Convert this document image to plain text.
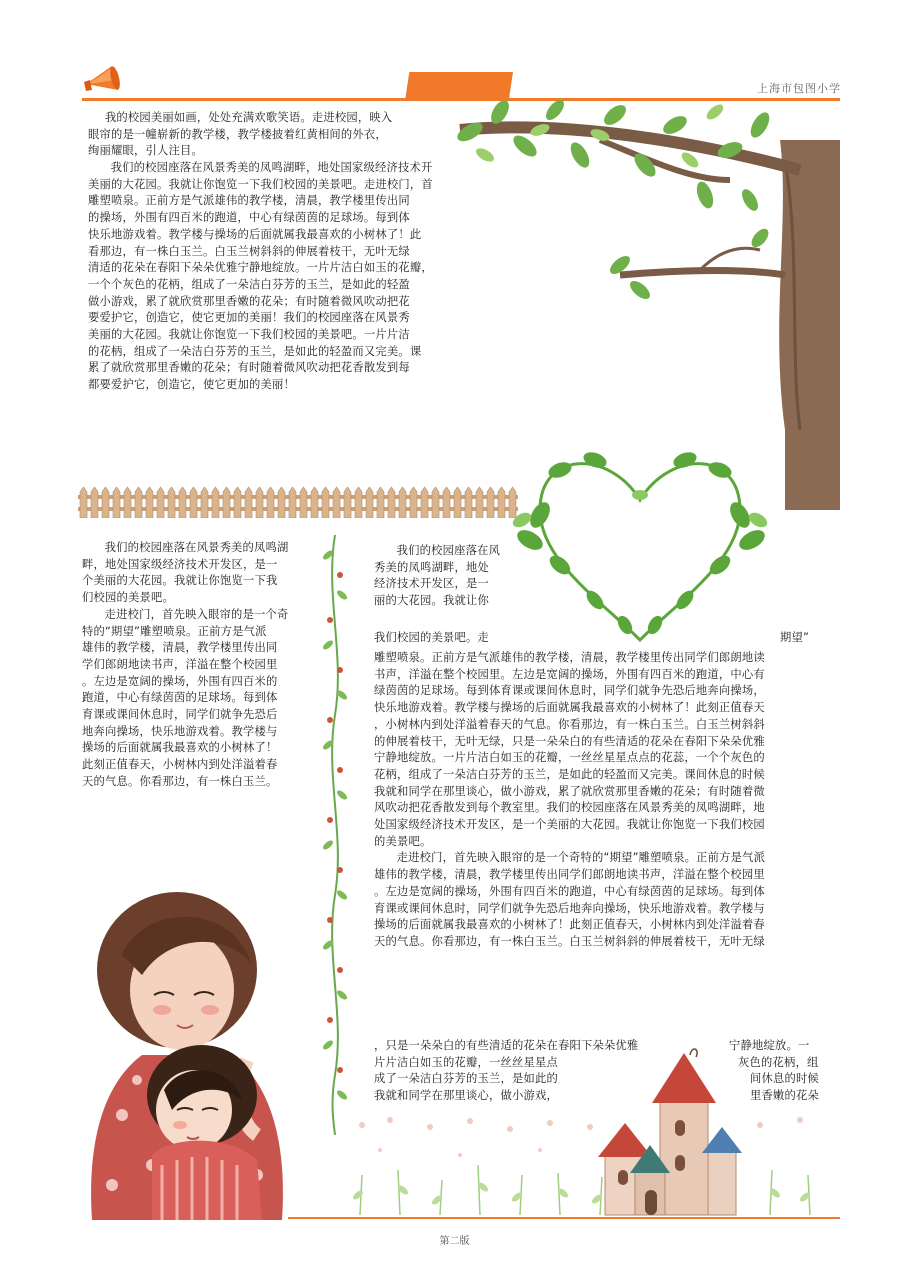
上海市包图小学
我的校园美丽如画，处处充满欢歌笑语。走进校园，映入
眼帘的是一幢崭新的教学楼，教学楼披着红黄相间的外衣，
绚丽耀眼，引人注目。
我们的校园座落在风景秀美的凤鸣湖畔，地处国家级经济技术开
美丽的大花园。我就让你饱览一下我们校园的美景吧。走进校门，首
雕塑喷泉。正前方是气派雄伟的教学楼，清晨，教学楼里传出同
的操场，外围有四百米的跑道，中心有绿茵茵的足球场。每到体
快乐地游戏着。教学楼与操场的后面就属我最喜欢的小树林了！此
看那边，有一株白玉兰。白玉兰树斜斜的伸展着枝干，无叶无绿
清适的花朵在春阳下朵朵优雅宁静地绽放。一片片洁白如玉的花瓣，
一个个灰色的花柄，组成了一朵洁白芬芳的玉兰，是如此的轻盈
做小游戏，累了就欣赏那里香嫩的花朵；有时随着微风吹动把花
要爱护它，创造它，使它更加的美丽！我们的校园座落在风景秀
美丽的大花园。我就让你饱览一下我们校园的美景吧。一片片洁
的花柄，组成了一朵洁白芬芳的玉兰，是如此的轻盈而又完美。课
累了就欣赏那里香嫩的花朵；有时随着微风吹动把花香散发到每
都要爱护它，创造它，使它更加的美丽！
我们的校园座落在风景秀美的凤鸣湖
畔，地处国家级经济技术开发区，是一
个美丽的大花园。我就让你饱览一下我
们校园的美景吧。
走进校门，首先映入眼帘的是一个奇
特的“期望”雕塑喷泉。正前方是气派
雄伟的教学楼，清晨，教学楼里传出同
学们郎朗地读书声，洋溢在整个校园里
。左边是宽阔的操场，外围有四百米的
跑道，中心有绿茵茵的足球场。每到体
育课或课间休息时，同学们就争先恐后
地奔向操场，快乐地游戏着。教学楼与
操场的后面就属我最喜欢的小树林了！
此刻正值春天，小树林内到处洋溢着春
天的气息。你看那边，有一株白玉兰。
我们的校园座落在风
秀美的凤鸣湖畔，地处
经济技术开发区，是一
丽的大花园。我就让你
我们校园的美景吧。走	期望”
雕塑喷泉。正前方是气派雄伟的教学楼，清晨，教学楼里传出同学们郎朗地读
书声，洋溢在整个校园里。左边是宽阔的操场，外围有四百米的跑道，中心有
绿茵茵的足球场。每到体育课或课间休息时，同学们就争先恐后地奔向操场，
快乐地游戏着。教学楼与操场的后面就属我最喜欢的小树林了！此刻正值春天
，小树林内到处洋溢着春天的气息。你看那边，有一株白玉兰。白玉兰树斜斜
的伸展着枝干，无叶无绿，只是一朵朵白的有些清适的花朵在春阳下朵朵优雅
宁静地绽放。一片片洁白如玉的花瓣，一丝丝星星点点的花蕊，一个个灰色的
花柄，组成了一朵洁白芬芳的玉兰，是如此的轻盈而又完美。课间休息的时候
我就和同学在那里谈心，做小游戏，累了就欣赏那里香嫩的花朵；有时随着微
风吹动把花香散发到每个教室里。我们的校园座落在风景秀美的凤鸣湖畔，地
处国家级经济技术开发区，是一个美丽的大花园。我就让你饱览一下我们校园
的美景吧。
走进校门，首先映入眼帘的是一个奇特的“期望”雕塑喷泉。正前方是气派
雄伟的教学楼，清晨，教学楼里传出同学们郎朗地读书声，洋溢在整个校园里
。左边是宽阔的操场，外围有四百米的跑道，中心有绿茵茵的足球场。每到体
育课或课间休息时，同学们就争先恐后地奔向操场，快乐地游戏着。教学楼与
操场的后面就属我最喜欢的小树林了！此刻正值春天，小树林内到处洋溢着春
天的气息。你看那边，有一株白玉兰。白玉兰树斜斜的伸展着枝干，无叶无绿
，只是一朵朵白的有些清适的花朵在春阳下朵朵优雅	宁静地绽放。一
片片洁白如玉的花瓣，一丝丝星星点	灰色的花柄，组
成了一朵洁白芬芳的玉兰，是如此的	间休息的时候
我就和同学在那里谈心，做小游戏，	里香嫩的花朵
第二版
